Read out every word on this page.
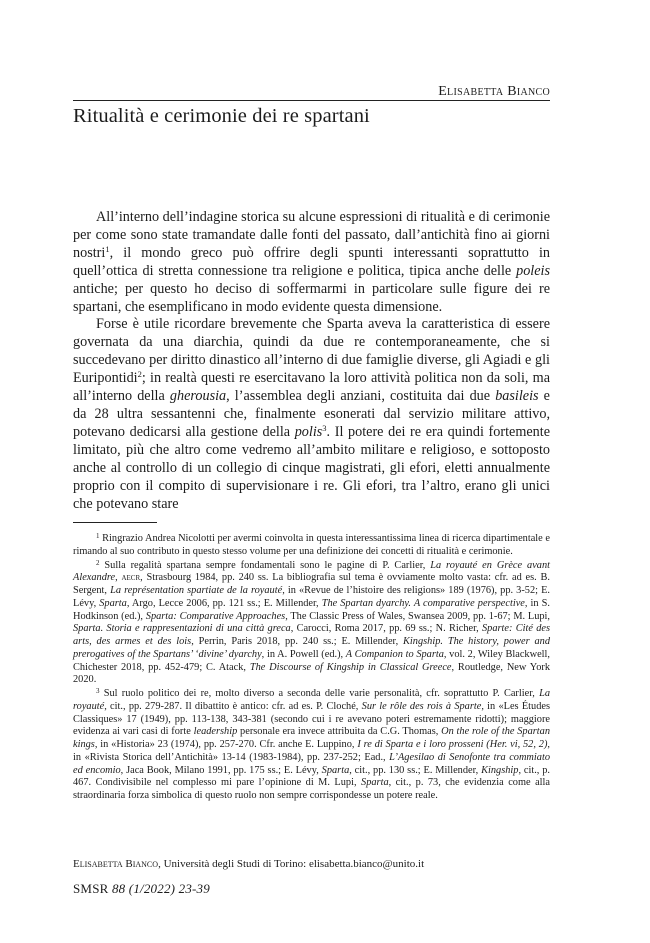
Elisabetta Bianco
Ritualità e cerimonie dei re spartani

All’interno dell’indagine storica su alcune espressioni di ritualità e di cerimonie per come sono state tramandate dalle fonti del passato, dall’antichità fino ai giorni nostri$^1$, il mondo greco può offrire degli spunti interessanti soprattutto in quell’ottica di stretta connessione tra religione e politica, tipica anche delle poleis antiche; per questo ho deciso di soffermarmi in particolare sulle figure dei re spartani, che esemplificano in modo evidente questa dimensione.

Forse è utile ricordare brevemente che Sparta aveva la caratteristica di essere governata da una diarchia, quindi da due re contemporaneamente, che si succedevano per diritto dinastico all’interno di due famiglie diverse, gli Agiadi e gli Euripontidi$^2$; in realtà questi re esercitavano la loro attività politica non da soli, ma all’interno della gherousia, l’assemblea degli anziani, costituita dai due basileis e da 28 ultra sessantenni che, finalmente esonerati dal servizio militare attivo, potevano dedicarsi alla gestione della polis$^3$. Il potere dei re era quindi fortemente limitato, più che altro come vedremo all’ambito militare e religioso, e sottoposto anche al controllo di un collegio di cinque magistrati, gli efori, eletti annualmente proprio con il compito di supervisionare i re. Gli efori, tra l’altro, erano gli unici che potevano stare

$^1$ Ringrazio Andrea Nicolotti per avermi coinvolta in questa interessantissima linea di ricerca dipartimentale e rimando al suo contributo in questo stesso volume per una definizione dei concetti di ritualità e cerimonie.

$^2$ Sulla regalità spartana sempre fondamentali sono le pagine di P. Carlier, La royauté en Grèce avant Alexandre, aecr, Strasbourg 1984, pp. 240 ss. La bibliografia sul tema è ovviamente molto vasta: cfr. ad es. B. Sergent, La représentation spartiate de la royauté, in «Revue de l’histoire des religions» 189 (1976), pp. 3-52; E. Lévy, Sparta, Argo, Lecce 2006, pp. 121 ss.; E. Millender, The Spartan dyarchy. A comparative perspective, in S. Hodkinson (ed.), Sparta: Comparative Approaches, The Classic Press of Wales, Swansea 2009, pp. 1-67; M. Lupi, Sparta. Storia e rappresentazioni di una città greca, Carocci, Roma 2017, pp. 69 ss.; N. Richer, Sparte: Cité des arts, des armes et des lois, Perrin, Paris 2018, pp. 240 ss.; E. Millender, Kingship. The history, power and prerogatives of the Spartans’ ‘divine’ dyarchy, in A. Powell (ed.), A Companion to Sparta, vol. 2, Wiley Blackwell, Chichester 2018, pp. 452-479; C. Atack, The Discourse of Kingship in Classical Greece, Routledge, New York 2020.

$^3$ Sul ruolo politico dei re, molto diverso a seconda delle varie personalità, cfr. soprattutto P. Carlier, La royauté, cit., pp. 279-287. Il dibattito è antico: cfr. ad es. P. Cloché, Sur le rôle des rois à Sparte, in «Les Études Classiques» 17 (1949), pp. 113-138, 343-381 (secondo cui i re avevano poteri estremamente ridotti); maggiore evidenza ai vari casi di forte leadership personale era invece attribuita da C.G. Thomas, On the role of the Spartan kings, in «Historia» 23 (1974), pp. 257-270. Cfr. anche E. Luppino, I re di Sparta e i loro prosseni (Her. vi, 52, 2), in «Rivista Storica dell’Antichità» 13-14 (1983-1984), pp. 237-252; Ead., L’Agesilao di Senofonte tra commiato ed encomio, Jaca Book, Milano 1991, pp. 175 ss.; E. Lévy, Sparta, cit., pp. 130 ss.; E. Millender, Kingship, cit., p. 467. Condivisibile nel complesso mi pare l’opinione di M. Lupi, Sparta, cit., p. 73, che evidenzia come alla straordinaria forza simbolica di questo ruolo non sempre corrispondesse un potere reale.

Elisabetta Bianco, Università degli Studi di Torino: elisabetta.bianco@unito.it
SMSR 88 (1/2022) 23-39
